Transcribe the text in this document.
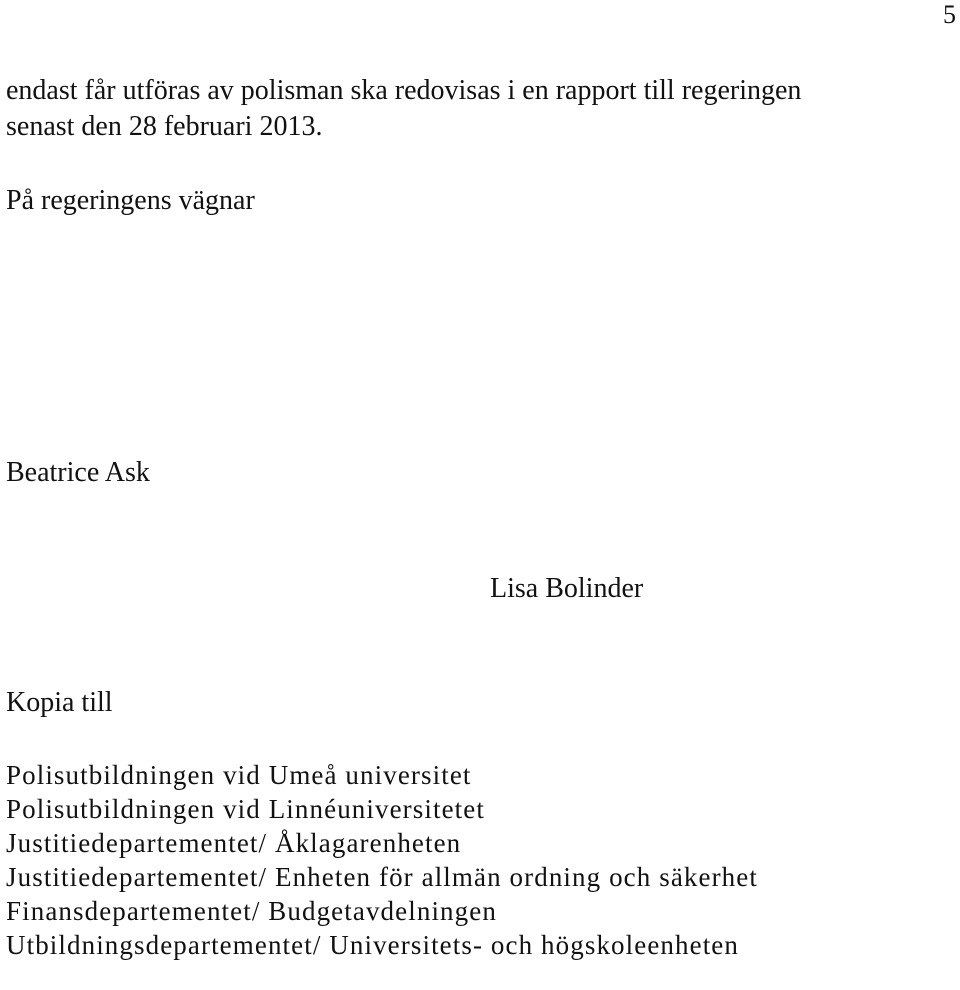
5

endast får utföras av polisman ska redovisas i en rapport till regeringen

senast den 28 februari 2013.

På regeringens vägnar

Beatrice Ask

Lisa Bolinder

Kopia till

Polisutbildningen vid Umeå universitet
Polisutbildningen vid Linnéuniversitetet
Justitiedepartementet/ Åklagarenheten
Justitiedepartementet/ Enheten för allmän ordning och säkerhet
Finansdepartementet/ Budgetavdelningen
Utbildningsdepartementet/ Universitets- och högskoleenheten
